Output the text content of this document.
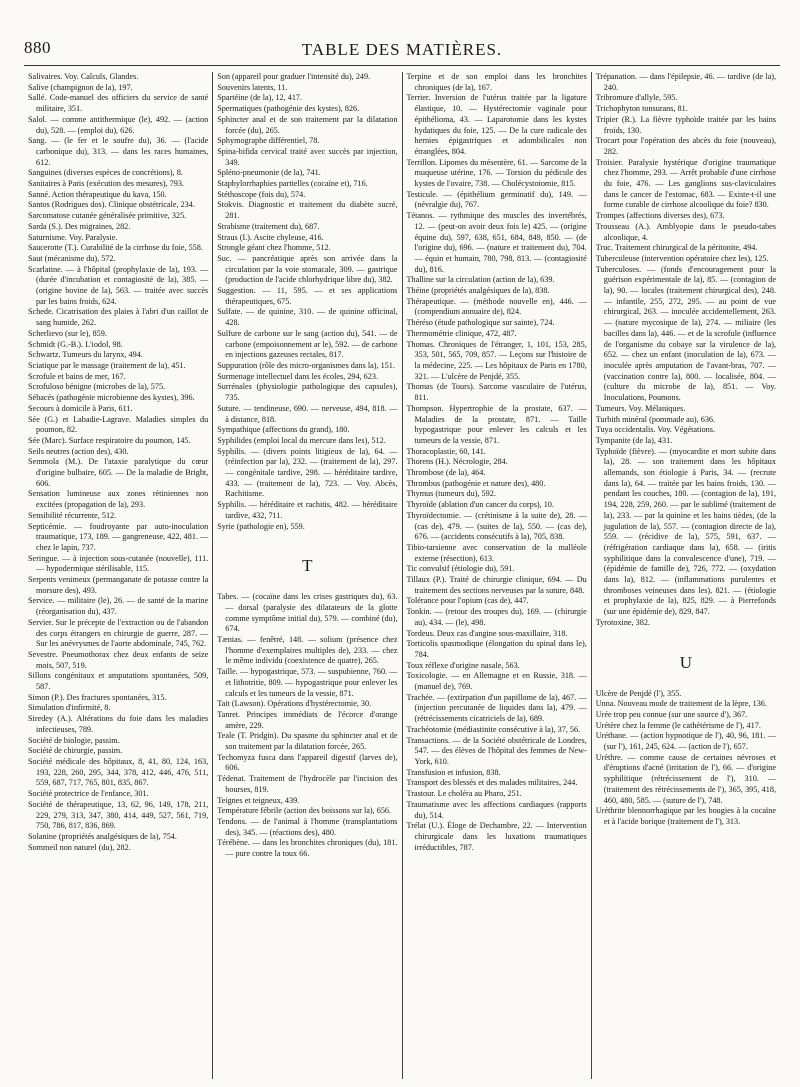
880	TABLE DES MATIÈRES.

Salivaires. Voy. Calculs, Glandes.

Salive (champignon de la), 197.

Sallé. Code-manuel des officiers du service de santé militaire, 351.

Salol. — comme antithermique (le), 492. — (action du), 528. — (emploi du), 626.

Sang. — (le fer et le soufre du), 36. — (l'acide carbonique du), 313. — dans les races humaines, 612.

Sanguines (diverses espèces de concrétions), 8.

Sanitaires à Paris (exécution des mesures), 793.

Sanné. Action thérapeutique du kava, 150.

Santos (Rodrigues dos). Clinique obstétricale, 234.

Sarcomatose cutanée généralisée primitive, 325.

Sarda (S.). Des migraines, 282.

Saturnisme. Voy. Paralysie.

Saucerotte (T.). Curabilité de la cirrhose du foie, 558.

Saut (mécanisme du), 572.

Scarlatine. — à l'hôpital (prophylaxie de la), 193. — (durée d'incubation et contagiosité de la), 385. — (origine bovine de la), 563. — traitée avec succès par les bains froids, 624.

Schede. Cicatrisation des plaies à l'abri d'un caillot de sang humide, 262.

Scherlievo (sur le), 859.

Schmidt (G.-B.). L'iodol, 98.

Schwartz. Tumeurs du larynx, 494.

Sciatique par le massage (traitement de la), 451.

Scrofule et bains de mer, 167.

Scrofuloso bénigne (microbes de la), 575.

Sébacés (pathogénie microbienne des kystes), 396.

Secours à domicile à Paris, 611.

Sée (G.) et Labadie-Lagrave. Maladies simples du poumon, 82.

Sée (Marc). Surface respiratoire du poumon, 145.

Seils neutres (action des), 430.

Semmola (M.). De l'ataxie paralytique du cœur d'origine bulbaire, 605. — De la maladie de Bright, 606.

Sensation lumineuse aux zones rétiniennes non excitées (propagation de la), 293.

Sensibilité récurrente, 512.

Septicémie. — foudroyante par auto-inoculation traumatique, 173, 189. — gangreneuse, 422, 481. — chez le lapin, 737.

Seringue. — à injection sous-cutanée (nouvelle), 111. — hypodermique stérilisable, 115.

Serpents venimeux (permanganate de potasse contre la morsure des), 493.

Service. — militaire (le), 26. — de santé de la marine (réorganisation du), 437.

Servier. Sur le précepte de l'extraction ou de l'abandon des corps étrangers en chirurgie de guerre, 287. — Sur les anévrysmes de l'aorte abdominale, 745, 762.

Sevestre. Pneumothorax chez deux enfants de seize mois, 507, 519.

Sillons congénitaux et amputations spontanées, 509, 587.

Simon (P.). Des fractures spontanées, 315.

Simulation d'infirmité, 8.

Siredey (A.). Altérations du foie dans les maladies infectieuses, 789.

Société de biologie, passim.

Société de chirurgie, passim.

Société médicale des hôpitaux, 8, 41, 80, 124, 163, 193, 228, 260, 295, 344, 378, 412, 446, 476, 511, 559, 687, 717, 765, 801, 835, 867.

Société protectrice de l'enfance, 301.

Société de thérapeutique, 13, 62, 96, 149, 178, 211, 229, 279, 313, 347, 380, 414, 449, 527, 561, 719, 750, 786, 817, 836, 869.

Solanine (propriétés analgésiques de la), 754.

Sommeil non naturel (du), 282.

Son (appareil pour graduer l'intensité du), 249.

Souvenirs latents, 11.

Spartéine (de la), 12, 417.

Spermatiques (pathogénie des kystes), 826.

Sphincter anal et de son traitement par la dilatation forcée (du), 265.

Sphymographe différentiel, 78.

Spina-bifida cervical traité avec succès par injection, 349.

Spléno-pneumonie (de la), 741.

Staphylorrhaphies partielles (cocaïne et), 716.

Stéthoscope (fois du), 574.

Stokvis. Diagnostic et traitement du diabète sucré, 281.

Strabisme (traitement du), 687.

Straus (I.). Ascite chyleuse, 416.

Strongle géant chez l'homme, 512.

Suc. — pancréatique après son arrivée dans la circulation par la voie stomacale, 309. — gastrique (production de l'acide chlorhydrique libre du), 382.

Suggestion. — 11, 595. — et ses applications thérapeutiques, 675.

Sulfate. — de quinine, 310. — de quinine officinal, 428.

Sulfure de carbone sur le sang (action du), 541. — de carbone (empoisonnement ar le), 592. — de carbone en injections gazeuses rectales, 817.

Suppuration (rôle des micro-organismes dans la), 151.

Surmenage intellectuel dans les écoles, 294, 623.

Surrénales (physiologie pathologique des capsules), 735.

Suture. — tendineuse, 690. — nerveuse, 494, 818. — à distance, 818.

Sympathique (affections du grand), 180.

Syphilides (emploi local du mercure dans les), 512.

Syphilis. — (divers points litigieux de la), 64. — (réinfection par la), 232. — (traitement de la), 297. — congénitale tardive, 298. — héréditaire tardive, 433. — (traitement de la), 723. — Voy. Abcès, Rachitisme.

Syphilis. — héréditaire et rachitis, 482. — héréditaire tardive, 432, 711.

Syrie (pathologie en), 559.

T

Tabes. — (cocaïne dans les crises gastriques du), 63. — dorsal (paralysie des dilatateurs de la glotte comme symptôme initial du), 579. — combiné (du), 674.

Tænias. — fenêtré, 148. — solium (présence chez l'homme d'exemplaires multiples de), 233. — chez le même individu (coexistence de quatre), 265.

Taille. — hypogastrique, 573. — suspubienne, 760. — et lithotritie, 809. — hypogastrique pour enlever les calculs et les tumeurs de la vessie, 871.

Tait (Lawson). Opérations d'hystérectomie, 30.

Tanret. Principes immédiats de l'écorce d'orange amère, 229.

Teale (T. Pridgin). Du spasme du sphincter anal et de son traitement par la dilatation forcée, 265.

Techomyza fusca dans l'appareil digestif (larves de), 606.

Tédenat. Traitement de l'hydrocèle par l'incision des bourses, 819.

Teignes et teigneux, 439.

Température fébrile (action des boissons sur la), 656.

Tendons. — de l'animal à l'homme (transplantations des), 345. — (réactions des), 480.

Térébène. — dans les bronchites chroniques (du), 181. — pure contre la toux 66.

Terpine et de son emploi dans les bronchites chroniques (de la), 167.

Terrier. Inversion de l'utérus traitée par la ligature élastique, 10. — Hystérectomie vaginale pour épithélioma, 43. — Laparotomie dans les kystes hydatiques du foie, 125. — De la cure radicale des hernies épigastriques et adombilicales non étranglées, 804.

Terrillon. Lipomes du mésentère, 61. — Sarcome de la muqueuse utérine, 176. — Torsion du pédicule des kystes de l'ovaire, 738. — Cholécystotomie, 815.

Testicule. — (épithélium germinatif du), 149. — (névralgie du), 767.

Tétanos. — rythmique des muscles des invertébrés, 12. — (peut-on avoir deux fois le) 425. — (origine équine du), 597, 638, 651, 684, 849, 850. — (de l'origine du), 696. — (nature et traitement du), 704. — équin et humain, 780, 798, 813. — (contagiosité du), 816.

Thalline sur la circulation (action de la), 639.

Théine (propriétés analgésiques de la), 838.

Thérapeutique. — (méthode nouvelle en), 446. — (compendium annuaire de), 824.

Théréso (étude pathologique sur sainte), 724.

Thermométrie clinique, 472, 487.

Thomas. Chroniques de l'étranger, 1, 101, 153, 285, 353, 501, 565, 709, 857. — Leçons sur l'histoire de la médecine, 225. — Les hôpitaux de Paris en 1780, 321. — L'ulcère de Penjdé, 355.

Thomas (de Tours). Sarcome vasculaire de l'utérus, 811.

Thompson. Hypertrophie de la prostate, 637. — Maladies de la prostate, 871. — Taille hypogastrique pour enlever les calculs et les tumeurs de la vessie, 871.

Thoracoplastie, 60, 141.

Thorens (H.). Nécrologie, 284.

Thrombose (de la), 464.

Thrombus (pathogénie et nature des), 480.

Thymus (tumeurs du), 592.

Thyroïde (ablation d'un cancer du corps), 10.

Thyroïdectomie. — (crétinisme à la suite de), 28. — (cas de), 479. — (suites de la), 550. — (cas de), 676. — (accidents consécutifs à la), 705, 838.

Tibio-tarsienne avec conservation de la malléole externe (résection), 613.

Tic convulsif (étiologie du), 591.

Tillaux (P.). Traité de chirurgie clinique, 694. — Du traitement des sections nerveuses par la suture, 848.

Tolérance pour l'opium (cas de), 447.

Tonkin. — (retour des troupes du), 169. — (chirurgie au), 434. — (le), 498.

Tordeus. Deux cas d'angine sous-maxillaire, 318.

Torticolis spasmodique (élongation du spinal dans le), 784.

Toux réflexe d'origine nasale, 563.

Toxicologie. — en Allemagne et en Russie, 318. — (manuel de), 769.

Trachée. — (extirpation d'un papillome de la), 467. — (injection percutanée de liquides dans la), 479. — (rétrécissements cicatriciels de la), 689.

Trachéotomie (médiastinite consécutive à la), 37, 56.

Transactions. — de la Société obstétricale de Londres, 547. — des élèves de l'hôpital des femmes de New-York, 610.

Transfusion et infusion, 838.

Transport des blessés et des malades militaires, 244.

Trastour. Le choléra au Pharo, 251.

Traumatisme avec les affections cardiaques (rapports du), 514.

Trélat (U.). Éloge de Dechambre, 22. — Intervention chirurgicale dans les luxations traumatiques irréductibles, 787.

Trépanation. — dans l'épilepsie, 46. — tardive (de la), 240.

Tribromure d'allyle, 595.

Trichophyton tonsurans, 81.

Tripier (R.). La fièvre typhoïde traitée par les bains froids, 130.

Trocart pour l'opération des abcès du foie (nouveau), 282.

Troisier. Paralysie hystérique d'origine traumatique chez l'homme, 293. — Arrêt probable d'une cirrhose du foie, 476. — Les ganglions sus-claviculaires dans le cancer de l'estomac, 683. — Existe-t-il une forme curable de cirrhose alcoolique du foie? 830.

Trompes (affections diverses des), 673.

Trousseau (A.). Amblyopie dans le pseudo-tabes alcoolique, 4.

Truc. Traitement chirurgical de la péritonite, 494.

Tuberculeuse (intervention opératoire chez les), 125.

Tuberculoses. — (fonds d'encouragement pour la guérison expérimentale de la), 85. — (contagion de la), 90. — locales (traitement chirurgical des), 248. — infantile, 255, 272, 295. — au point de vue chirurgical, 263. — inoculée accidentellement, 263. — (nature mycosique de la), 274. — miliaire (les bacilles dans la), 446. — et de la scrofule (influence de l'organisme du cobaye sur la virulence de la), 652. — chez un enfant (inoculation de la), 673. — inoculée après amputation de l'avant-bras, 707. — (vaccination contre la), 800. — localisée, 804. — (culture du microbe de la), 851. — Voy. Inoculations, Poumons.

Tumeurs. Voy. Mélaniques.

Turbith minéral (pommade au), 636.

Tuya occidentalis. Voy. Végétations.

Tympanite (de la), 431.

Typhoïde (fièvre). — (myocardite et mort subite dans la), 28. — son traitement dans les hôpitaux allemands, son étiologie à Paris, 34. — (recrute dans la), 64. — traitée par les bains froids, 130. — pendant les couches, 180. — (contagion de la), 191, 194, 228, 259, 260. — par le sublimé (traitement de la), 233. — par la quinine et les bains tièdes, (de la jugulation de la), 557. — (contagion directe de la), 559. — (récidive de la), 575, 591, 637. — (réfrigération cardiaque dans la), 658. — (iritis syphilitique dans la convalescence d'une), 719. — (épidémie de famille de), 726, 772. — (oxydation dans la), 812. — (inflammations purulentes et thromboses veineuses dans les), 821. — (étiologie et prophylaxie de la), 825, 829. — à Pierrefonds (sur une épidémie de), 829, 847.

Tyrotoxine, 382.

U

Ulcère de Penjdé (l'), 355.

Unna. Nouveau mode de traitement de la lèpre, 136.

Urée trop peu connue (sur une source d'), 367.

Urétère chez la femme (le cathétérisme de l'), 417.

Uréthane. — (action hypnotique de l'), 40, 96, 181. — (sur l'), 161, 245, 624. — (action de l'), 657.

Urèthre. — comme cause de certaines névroses et d'éruptions d'acné (irritation de l'), 66. — d'origine syphilitique (rétrécissement de l'), 310. — (traitement des rétrécissements de l'), 365, 395, 418, 460, 480, 585. — (suture de l'), 748.

Uréthrite blennorrhagique par les bougies à la cocaïne et à l'acide borique (traitement de l'), 313.
